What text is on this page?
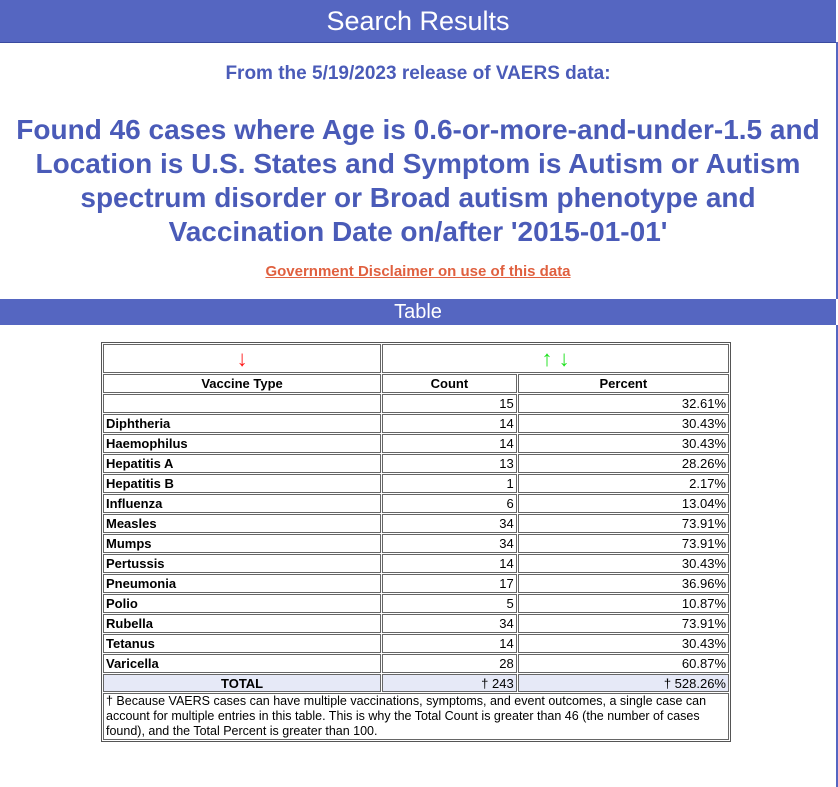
Search Results
From the 5/19/2023 release of VAERS data:
Found 46 cases where Age is 0.6-or-more-and-under-1.5 and Location is U.S. States and Symptom is Autism or Autism spectrum disorder or Broad autism phenotype and Vaccination Date on/after '2015-01-01'
Government Disclaimer on use of this data
Table
↓	↑ ↓	
Vaccine Type	Count	Percent
	15	32.61%
Diphtheria	14	30.43%
Haemophilus	14	30.43%
Hepatitis A	13	28.26%
Hepatitis B	1	2.17%
Influenza	6	13.04%
Measles	34	73.91%
Mumps	34	73.91%
Pertussis	14	30.43%
Pneumonia	17	36.96%
Polio	5	10.87%
Rubella	34	73.91%
Tetanus	14	30.43%
Varicella	28	60.87%
TOTAL	† 243	† 528.26%
† Because VAERS cases can have multiple vaccinations, symptoms, and event outcomes, a single case can account for multiple entries in this table. This is why the Total Count is greater than 46 (the number of cases found), and the Total Percent is greater than 100.		
